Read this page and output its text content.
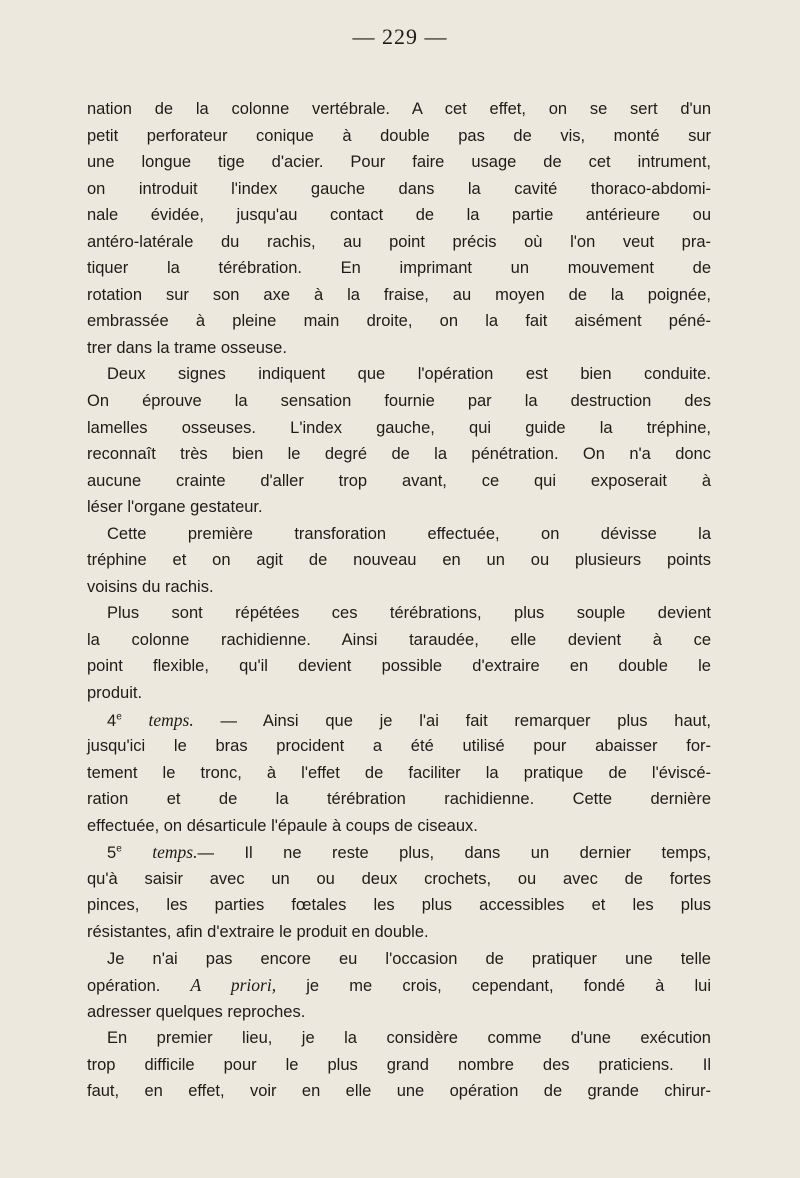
— 229 —
nation de la colonne vertébrale. A cet effet, on se sert d'un
petit perforateur conique à double pas de vis, monté sur
une longue tige d'acier. Pour faire usage de cet intrument,
on introduit l'index gauche dans la cavité thoraco-abdomi-
nale évidée, jusqu'au contact de la partie antérieure ou
antéro-latérale du rachis, au point précis où l'on veut pra-
tiquer la térébration. En imprimant un mouvement de
rotation sur son axe à la fraise, au moyen de la poignée,
embrassée à pleine main droite, on la fait aisément péné-
trer dans la trame osseuse.
Deux signes indiquent que l'opération est bien conduite.
On éprouve la sensation fournie par la destruction des
lamelles osseuses. L'index gauche, qui guide la tréphine,
reconnaît très bien le degré de la pénétration. On n'a donc
aucune crainte d'aller trop avant, ce qui exposerait à
léser l'organe gestateur.
Cette première transforation effectuée, on dévisse la
tréphine et on agit de nouveau en un ou plusieurs points
voisins du rachis.
Plus sont répétées ces térébrations, plus souple devient
la colonne rachidienne. Ainsi taraudée, elle devient à ce
point flexible, qu'il devient possible d'extraire en double le
produit.
4e temps. — Ainsi que je l'ai fait remarquer plus haut,
jusqu'ici le bras procident a été utilisé pour abaisser for-
tement le tronc, à l'effet de faciliter la pratique de l'éviscé-
ration et de la térébration rachidienne. Cette dernière
effectuée, on désarticule l'épaule à coups de ciseaux.
5e temps.— Il ne reste plus, dans un dernier temps,
qu'à saisir avec un ou deux crochets, ou avec de fortes
pinces, les parties fœtales les plus accessibles et les plus
résistantes, afin d'extraire le produit en double.
Je n'ai pas encore eu l'occasion de pratiquer une telle
opération. A priori, je me crois, cependant, fondé à lui
adresser quelques reproches.
En premier lieu, je la considère comme d'une exécution
trop difficile pour le plus grand nombre des praticiens. Il
faut, en effet, voir en elle une opération de grande chirur-
